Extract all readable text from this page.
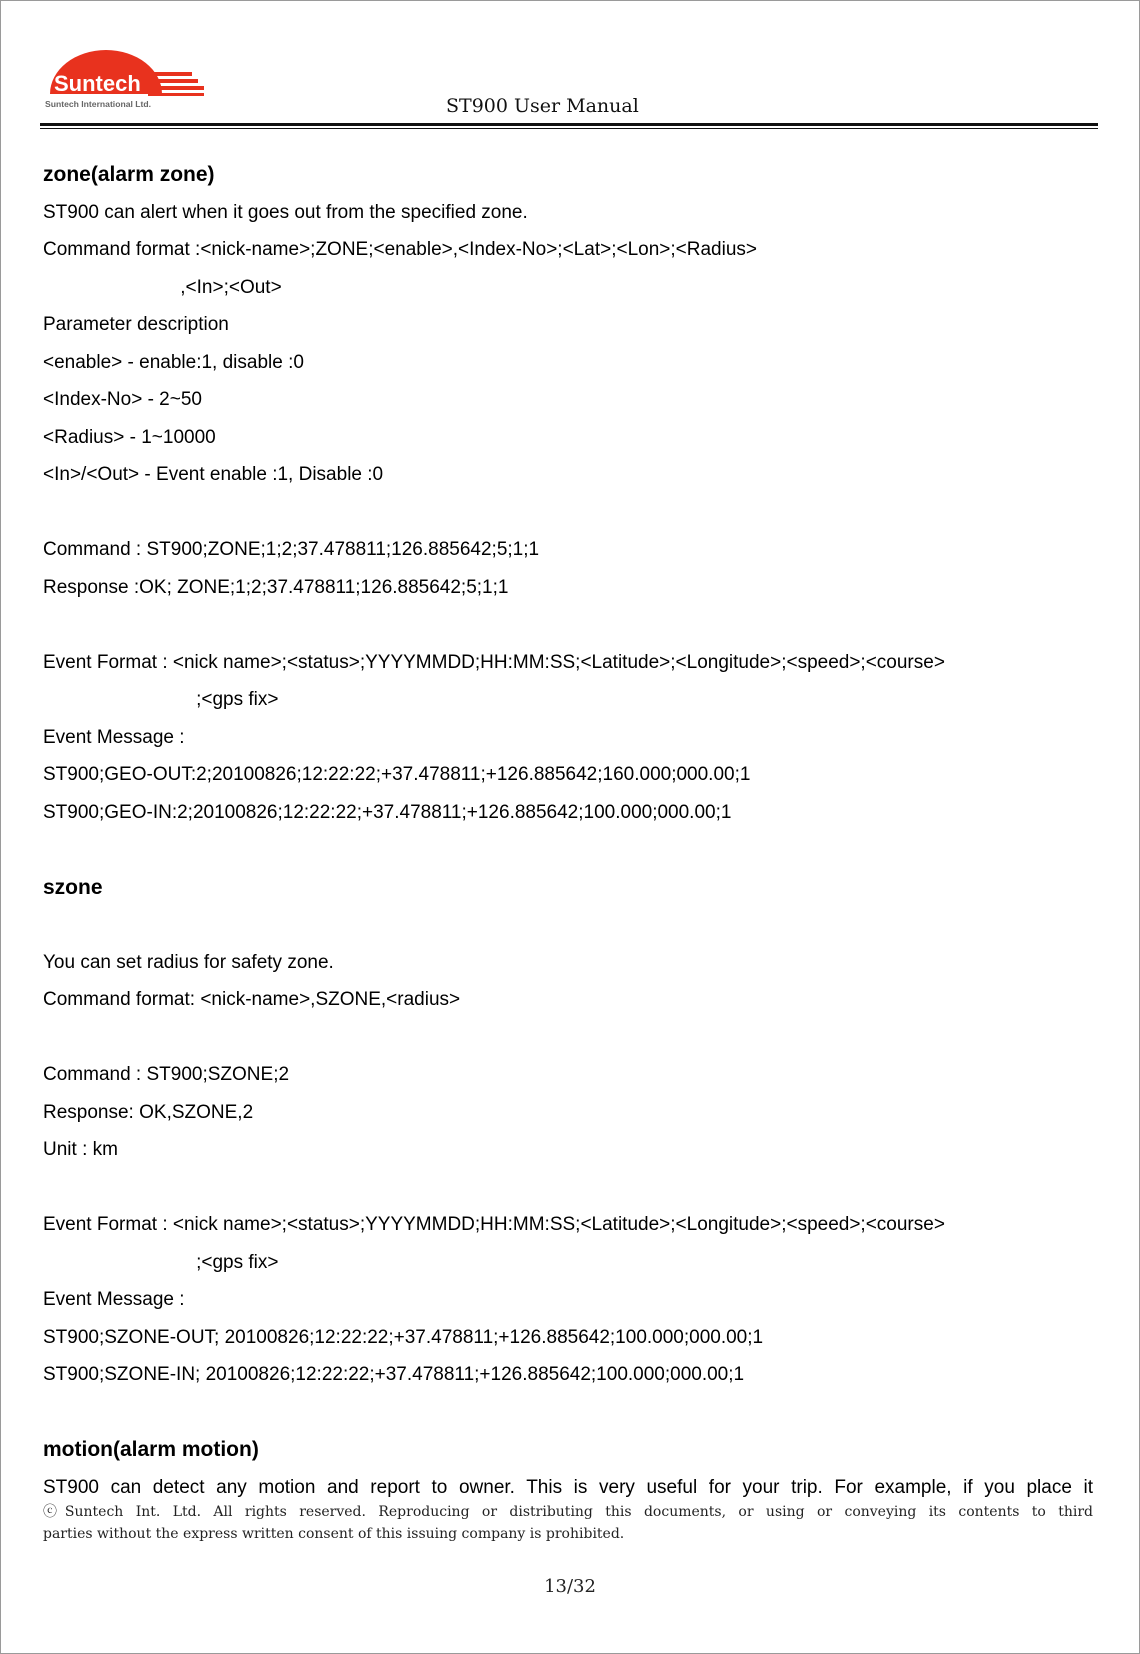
Suntech
Suntech International Ltd.	ST900 User Manual
zone(alarm zone)
ST900 can alert when it goes out from the specified zone.
Command format :<nick-name>;ZONE;<enable>,<Index-No>;<Lat>;<Lon>;<Radius>
,<In>;<Out>
Parameter description
<enable> - enable:1, disable :0
<Index-No> - 2~50
<Radius> - 1~10000
<In>/<Out> - Event enable :1, Disable :0
Command : ST900;ZONE;1;2;37.478811;126.885642;5;1;1
Response :OK; ZONE;1;2;37.478811;126.885642;5;1;1
Event Format : <nick name>;<status>;YYYYMMDD;HH:MM:SS;<Latitude>;<Longitude>;<speed>;<course>
;<gps fix>
Event Message :
ST900;GEO-OUT:2;20100826;12:22:22;+37.478811;+126.885642;160.000;000.00;1
ST900;GEO-IN:2;20100826;12:22:22;+37.478811;+126.885642;100.000;000.00;1
szone
You can set radius for safety zone.
Command format: <nick-name>,SZONE,<radius>
Command : ST900;SZONE;2
Response: OK,SZONE,2
Unit : km
Event Format : <nick name>;<status>;YYYYMMDD;HH:MM:SS;<Latitude>;<Longitude>;<speed>;<course>
;<gps fix>
Event Message :
ST900;SZONE-OUT; 20100826;12:22:22;+37.478811;+126.885642;100.000;000.00;1
ST900;SZONE-IN; 20100826;12:22:22;+37.478811;+126.885642;100.000;000.00;1
motion(alarm motion)
ST900 can detect any motion and report to owner. This is very useful for your trip. For example, if you place it
ⓒSuntech Int. Ltd. All rights reserved. Reproducing or distributing this documents, or using or conveying its contents to third
parties without the express written consent of this issuing company is prohibited.
13/32
